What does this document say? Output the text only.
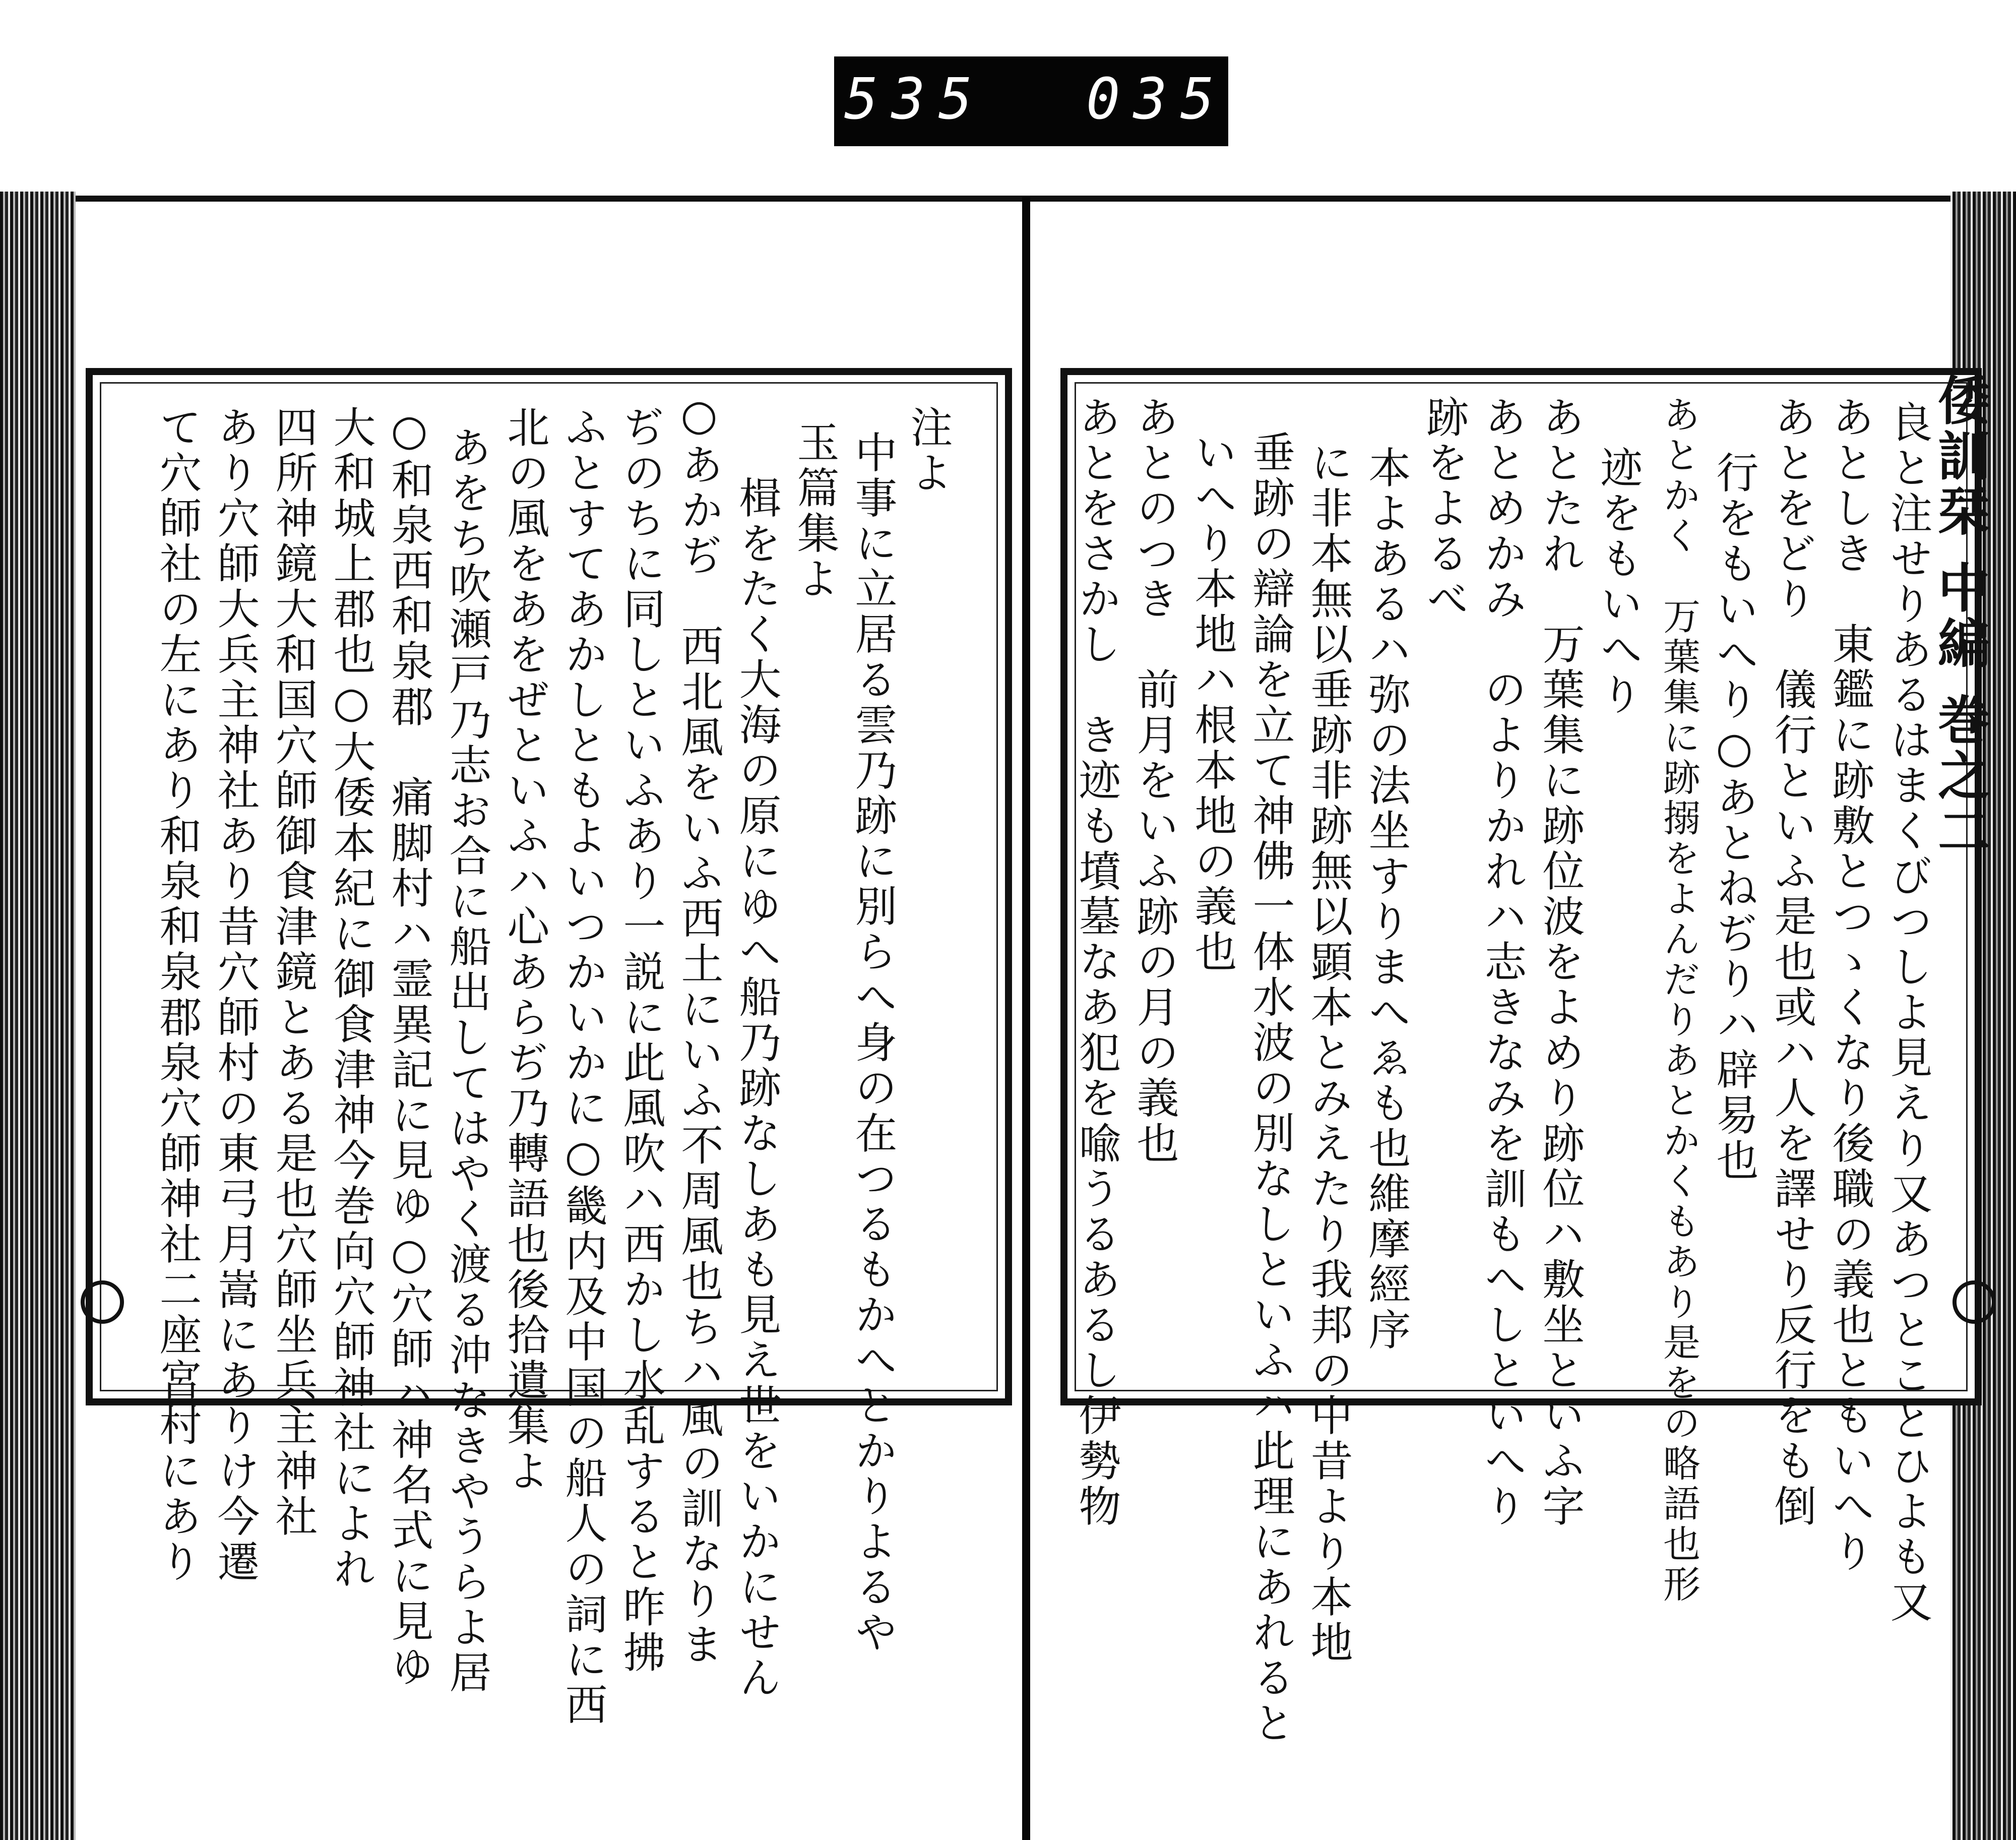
535 035.
注よ
中事に立居る雲乃跡に別らへ身の在つるもかへとかりよるや
玉篇集よ
楫をたく大海の原にゆへ船乃跡なしあも見え世をいかにせん
○あかぢ　西北風をいふ西土にいふ不周風也ちハ風の訓なりま
ぢのちに同しといふあり一説に此風吹ハ西かし水乱すると昨拂
ふとすてあかしともよいつかいかに○畿内及中国の船人の詞に西
北の風をあをぜといふハ心あらぢ乃轉語也後拾遺集よ
あをち吹瀬戸乃志お合に船出してはやく渡る沖なきやうらよ居
○和泉西和泉郡　痛脚村ハ霊異記に見ゆ○穴師ハ神名式に見ゆ
大和城上郡也○大倭本紀に御食津神今巻向穴師神社によれ
四所神鏡大和国穴師御食津鏡とある是也穴師坐兵主神社
あり穴師大兵主神社あり昔穴師村の東弓月嵩にありけ今遷
て穴師社の左にあり和泉和泉郡泉穴師神社二座宮村にあり	良と注せりあるはまくびつしよ見えり又あつとことひよも又
あとしき　東鑑に跡敷とつゝくなり後職の義也ともいへり
あとをどり　儀行といふ是也或ハ人を譯せり反行をも倒
行をもいへり○あとねぢりハ辟易也
あとかく　万葉集に跡搦をよんだりあとかくもあり是をの略語也形
迹をもいへり
あとたれ　万葉集に跡位波をよめり跡位ハ敷坐といふ字
あとめかみ　のよりかれハ志きなみを訓もへしといへり
跡をよるべ
本よあるハ弥の法坐すりまへゑも也維摩經序
に非本無以垂跡非跡無以顕本とみえたり我邦の中昔より本地
垂跡の辯論を立て神佛一体水波の別なしといふハ此理にあれると
いへり本地ハ根本地の義也
あとのつき　前月をいふ跡の月の義也
あとをさかし　き迹も墳墓なあ犯を喩うるあるし伊勢物	倭訓栞 中編 巻之二
